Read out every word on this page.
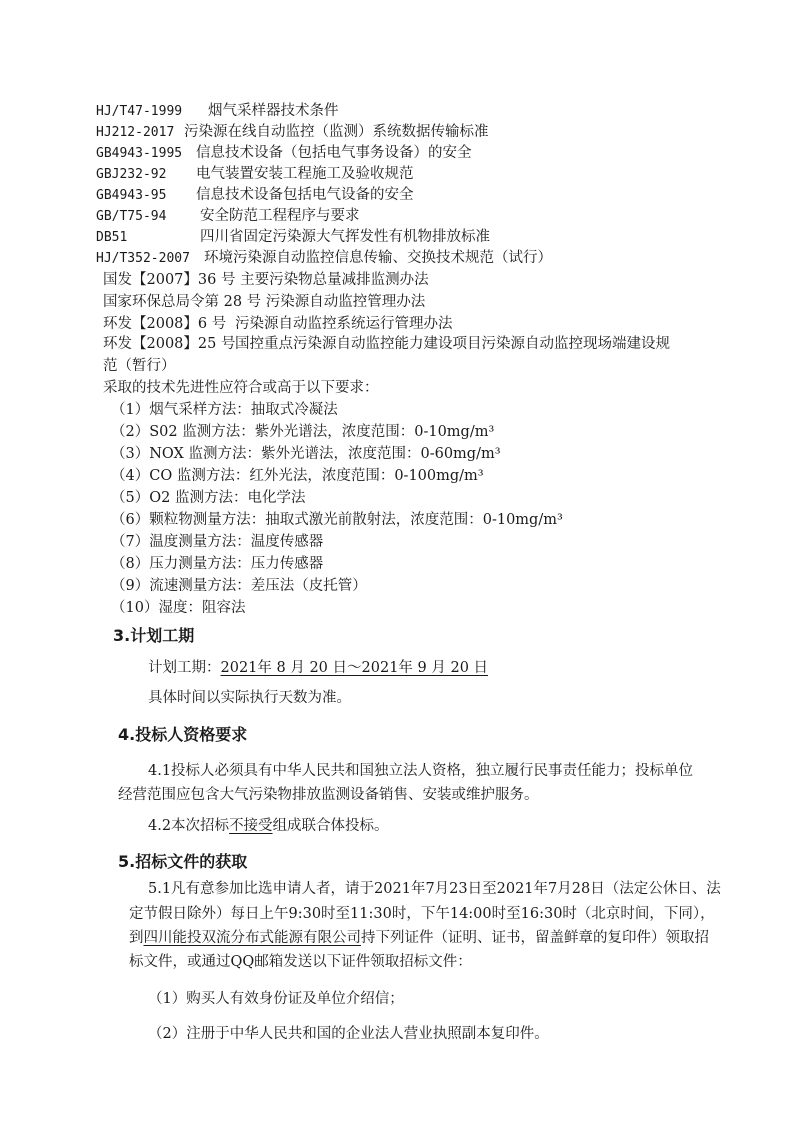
HJ/T47-1999 烟气采样器技术条件
HJ212-2017 污染源在线自动监控（监测）系统数据传输标准
GB4943-1995 信息技术设备（包括电气事务设备）的安全
GBJ232-92 电气装置安装工程施工及验收规范
GB4943-95 信息技术设备包括电气设备的安全
GB/T75-94 安全防范工程程序与要求
DB51	四川省固定污染源大气挥发性有机物排放标准
HJ/T352-2007 环境污染源自动监控信息传输、交换技术规范（试行）
国发【2007】36 号 主要污染物总量减排监测办法
国家环保总局令第 28 号 污染源自动监控管理办法
环发【2008】6 号 污染源自动监控系统运行管理办法
环发【2008】25 号国控重点污染源自动监控能力建设项目污染源自动监控现场端建设规
范（暂行）
采取的技术先进性应符合或高于以下要求：
（1）烟气采样方法：抽取式冷凝法
（2）S02 监测方法：紫外光谱法，浓度范围：0-10mg/m³
（3）NOX 监测方法：紫外光谱法，浓度范围：0-60mg/m³
（4）CO 监测方法：红外光法，浓度范围：0-100mg/m³
（5）O2 监测方法：电化学法
（6）颗粒物测量方法：抽取式激光前散射法，浓度范围：0-10mg/m³
（7）温度测量方法：温度传感器
（8）压力测量方法：压力传感器
（9）流速测量方法：差压法（皮托管）
（10）湿度：阻容法
3.计划工期
计划工期：2021年 8 月 20 日～2021年 9 月 20 日
具体时间以实际执行天数为准。
4.投标人资格要求
4.1投标人必须具有中华人民共和国独立法人资格，独立履行民事责任能力；投标单位
经营范围应包含大气污染物排放监测设备销售、安装或维护服务。
4.2本次招标不接受组成联合体投标。
5.招标文件的获取
5.1凡有意参加比选申请人者，请于2021年7月23日至2021年7月28日（法定公休日、法
定节假日除外）每日上午9:30时至11:30时，下午14:00时至16:30时（北京时间，下同），
到四川能投双流分布式能源有限公司持下列证件（证明、证书，留盖鲜章的复印件）领取招
标文件，或通过QQ邮箱发送以下证件领取招标文件：
（1）购买人有效身份证及单位介绍信；
（2）注册于中华人民共和国的企业法人营业执照副本复印件。
